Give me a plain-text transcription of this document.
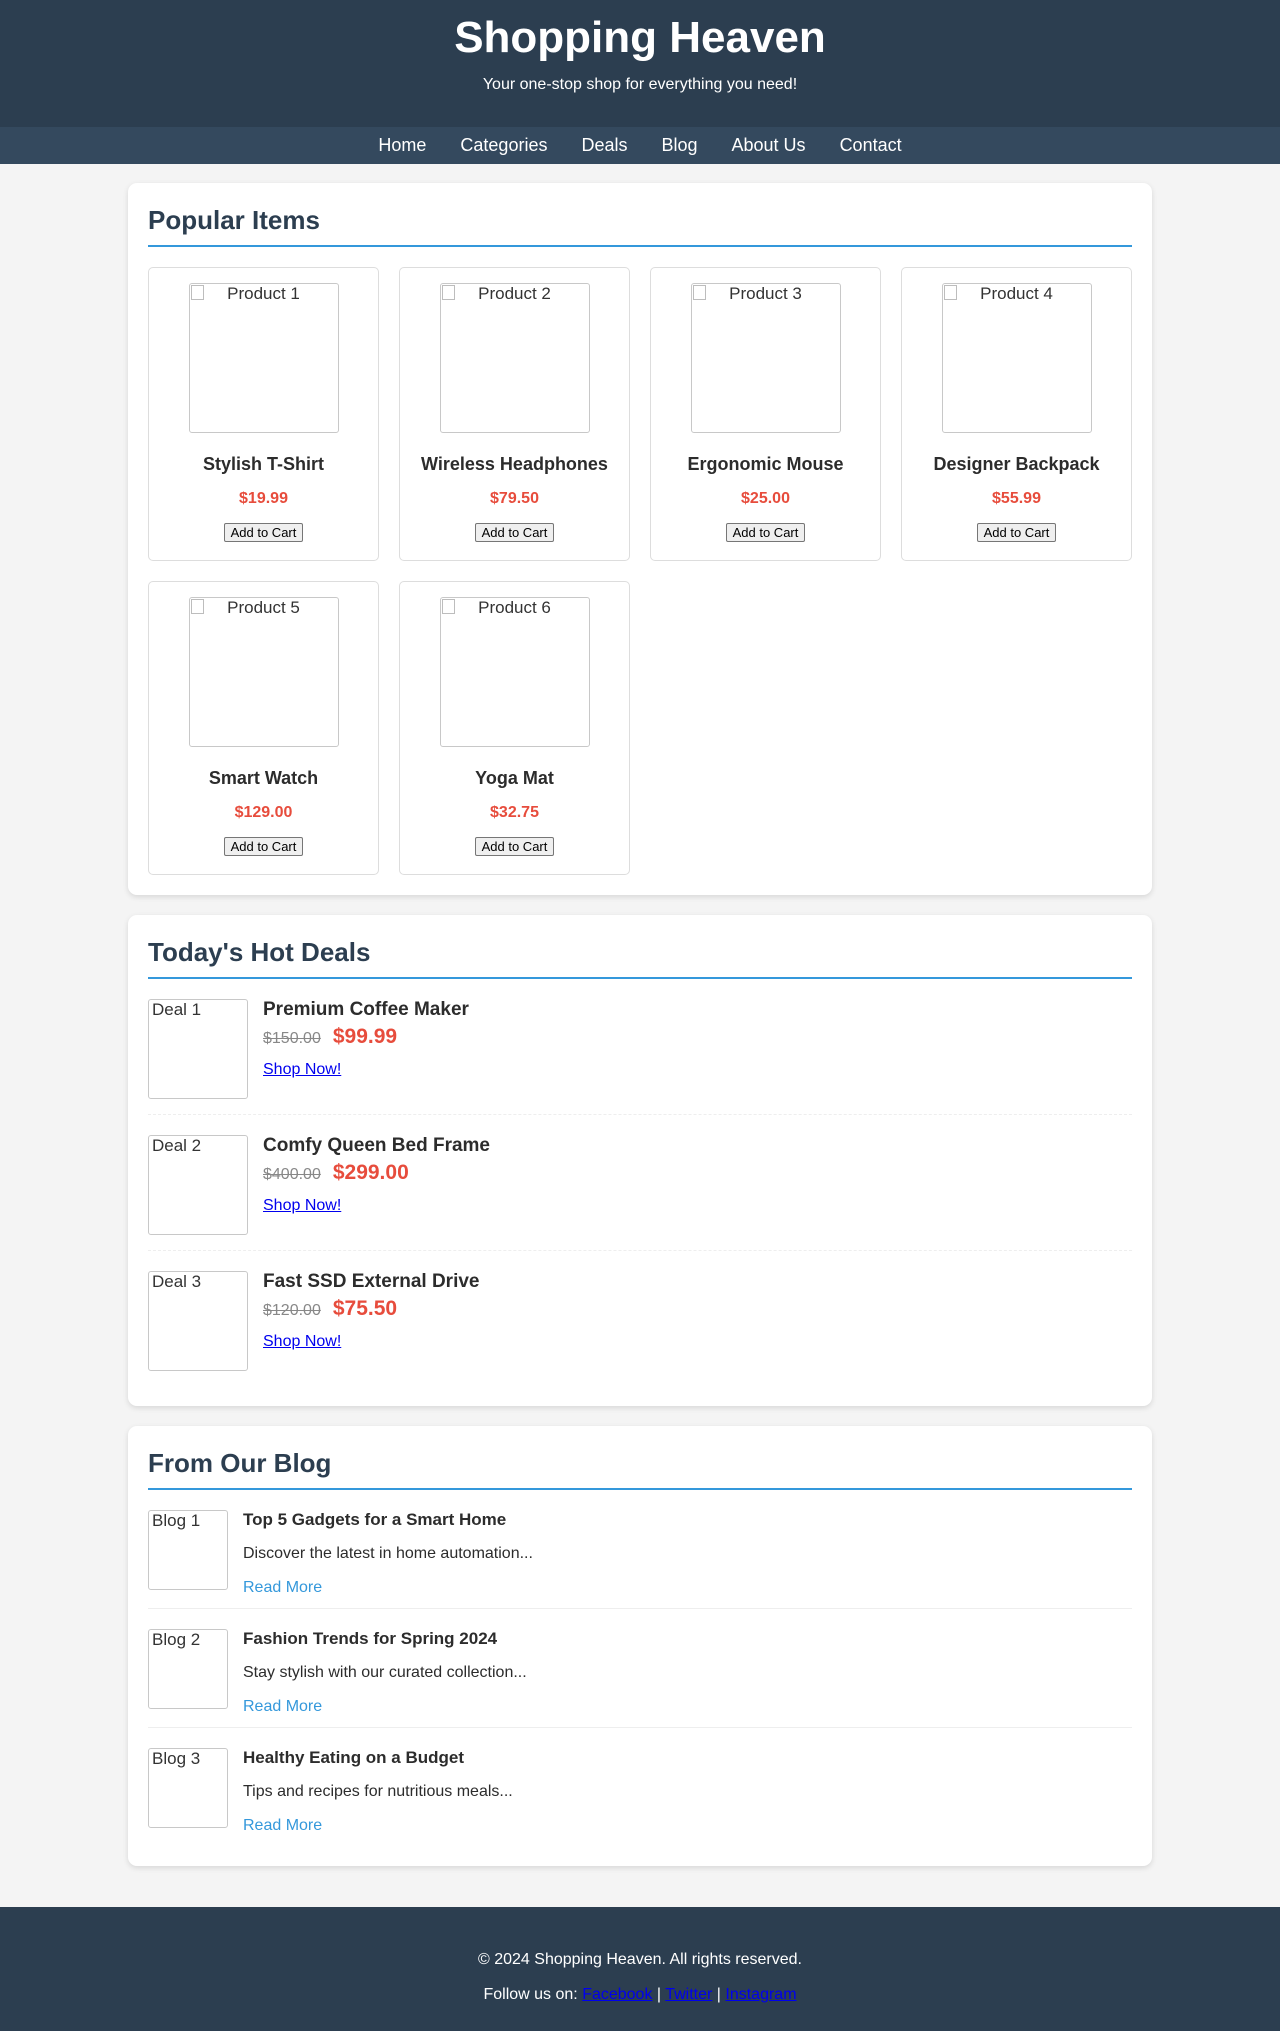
Shopping Heaven
Your one-stop shop for everything you need!
Home Categories Deals Blog About Us Contact
Popular Items
Product 1
Stylish T-Shirt
$19.99
Add to Cart
Product 2
Wireless Headphones
$79.50
Add to Cart
Product 3
Ergonomic Mouse
$25.00
Add to Cart
Product 4
Designer Backpack
$55.99
Add to Cart
Product 5
Smart Watch
$129.00
Add to Cart
Product 6
Yoga Mat
$32.75
Add to Cart
Today's Hot Deals
Deal 1	Premium Coffee Maker
$150.00 $99.99
Shop Now!
Deal 2	Comfy Queen Bed Frame
$400.00 $299.00
Shop Now!
Deal 3	Fast SSD External Drive
$120.00 $75.50
Shop Now!
From Our Blog
Blog 1	Top 5 Gadgets for a Smart Home
Discover the latest in home automation...
Read More
Blog 2	Fashion Trends for Spring 2024
Stay stylish with our curated collection...
Read More
Blog 3	Healthy Eating on a Budget
Tips and recipes for nutritious meals...
Read More
© 2024 Shopping Heaven. All rights reserved.
Follow us on: Facebook | Twitter | Instagram
